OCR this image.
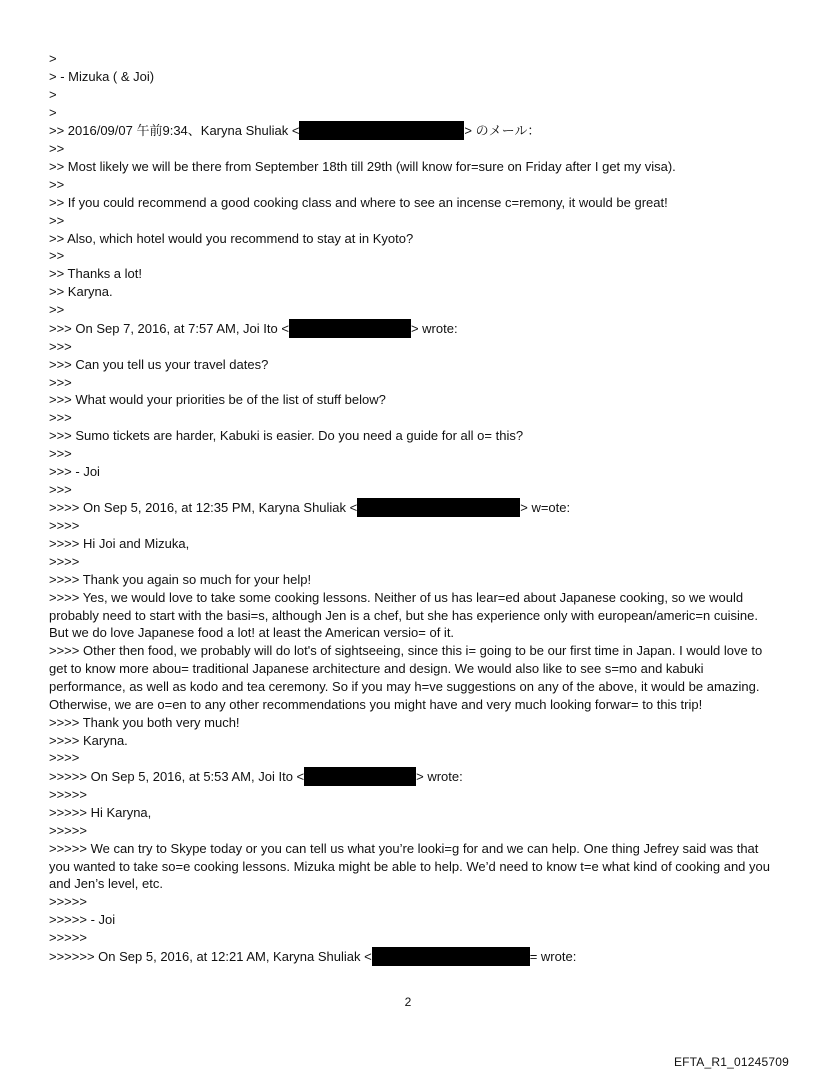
>
> - Mizuka ( & Joi)
>
>
>> 2016/09/07 午前9:34、Karyna Shuliak <	> のメール：
>>
>> Most likely we will be there from September 18th till 29th (will know for=sure on Friday after I get my visa).
>>
>> If you could recommend a good cooking class and where to see an incense c=remony, it would be great!
>>
>> Also, which hotel would you recommend to stay at in Kyoto?
>>
>> Thanks a lot!
>> Karyna.
>>
>>> On Sep 7, 2016, at 7:57 AM, Joi Ito <	> wrote:
>>>
>>> Can you tell us your travel dates?
>>>
>>> What would your priorities be of the list of stuff below?
>>>
>>> Sumo tickets are harder, Kabuki is easier. Do you need a guide for all o= this?
>>>
>>> - Joi
>>>
>>>> On Sep 5, 2016, at 12:35 PM, Karyna Shuliak <	> w=ote:
>>>>
>>>> Hi Joi and Mizuka,
>>>>
>>>> Thank you again so much for your help!
>>>> Yes, we would love to take some cooking lessons. Neither of us has lear=ed about Japanese cooking, so we would probably need to start with the basi=s, although Jen is a chef, but she has experience only with european/americ=n cuisine. But we do love Japanese food a lot! at least the American versio= of it.
>>>> Other then food, we probably will do lot's of sightseeing, since this i= going to be our first time in Japan. I would love to get to know more abou= traditional Japanese architecture and design. We would also like to see s=mo and kabuki performance, as well as kodo and tea ceremony. So if you may h=ve suggestions on any of the above, it would be amazing. Otherwise, we are o=en to any other recommendations you might have and very much looking forwar= to this trip!
>>>> Thank you both very much!
>>>> Karyna.
>>>>
>>>>> On Sep 5, 2016, at 5:53 AM, Joi Ito <	> wrote:
>>>>>
>>>>> Hi Karyna,
>>>>>
>>>>> We can try to Skype today or you can tell us what you’re looki=g for and we can help. One thing Jefrey said was that you wanted to take so=e cooking lessons. Mizuka might be able to help. We’d need to know t=e what kind of cooking and you and Jen’s level, etc.
>>>>>
>>>>> - Joi
>>>>>
>>>>>> On Sep 5, 2016, at 12:21 AM, Karyna Shuliak <	= wrote:
2
EFTA_R1_01245709
